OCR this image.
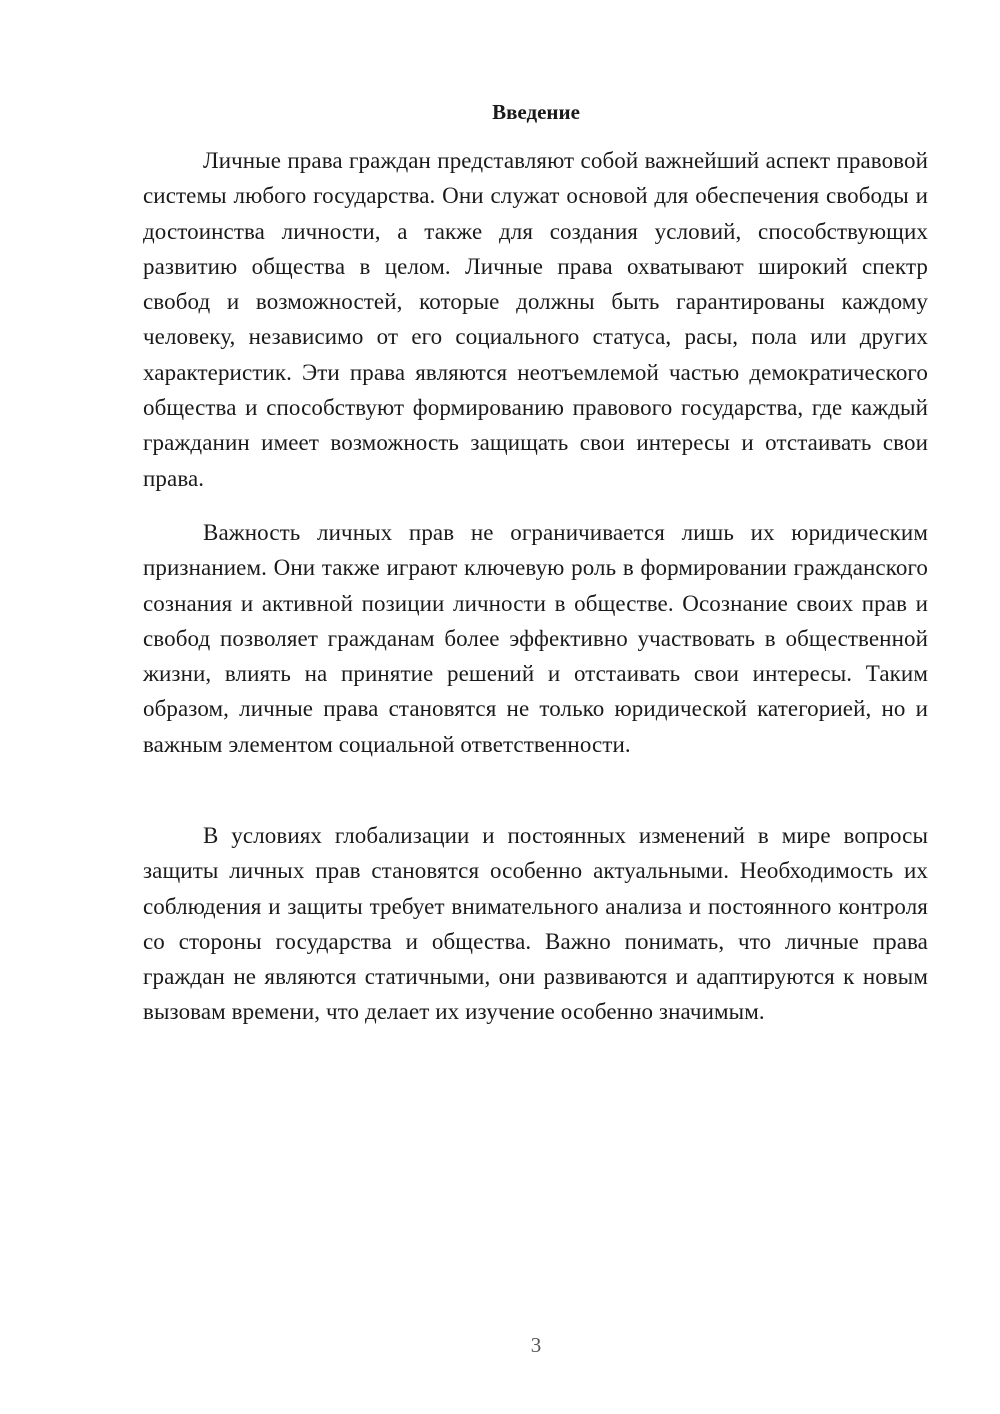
Введение

Личные права граждан представляют собой важнейший аспект правовой системы любого государства. Они служат основой для обеспечения свободы и достоинства личности, а также для создания условий, способствующих развитию общества в целом. Личные права охватывают широкий спектр свобод и возможностей, которые должны быть гарантированы каждому человеку, независимо от его социального статуса, расы, пола или других характеристик. Эти права являются неотъемлемой частью демократического общества и способствуют формированию правового государства, где каждый гражданин имеет возможность защищать свои интересы и отстаивать свои права.

Важность личных прав не ограничивается лишь их юридическим признанием. Они также играют ключевую роль в формировании гражданского сознания и активной позиции личности в обществе. Осознание своих прав и свобод позволяет гражданам более эффективно участвовать в общественной жизни, влиять на принятие решений и отстаивать свои интересы. Таким образом, личные права становятся не только юридической категорией, но и важным элементом социальной ответственности.

В условиях глобализации и постоянных изменений в мире вопросы защиты личных прав становятся особенно актуальными. Необходимость их соблюдения и защиты требует внимательного анализа и постоянного контроля со стороны государства и общества. Важно понимать, что личные права граждан не являются статичными, они развиваются и адаптируются к новым вызовам времени, что делает их изучение особенно значимым.

3
